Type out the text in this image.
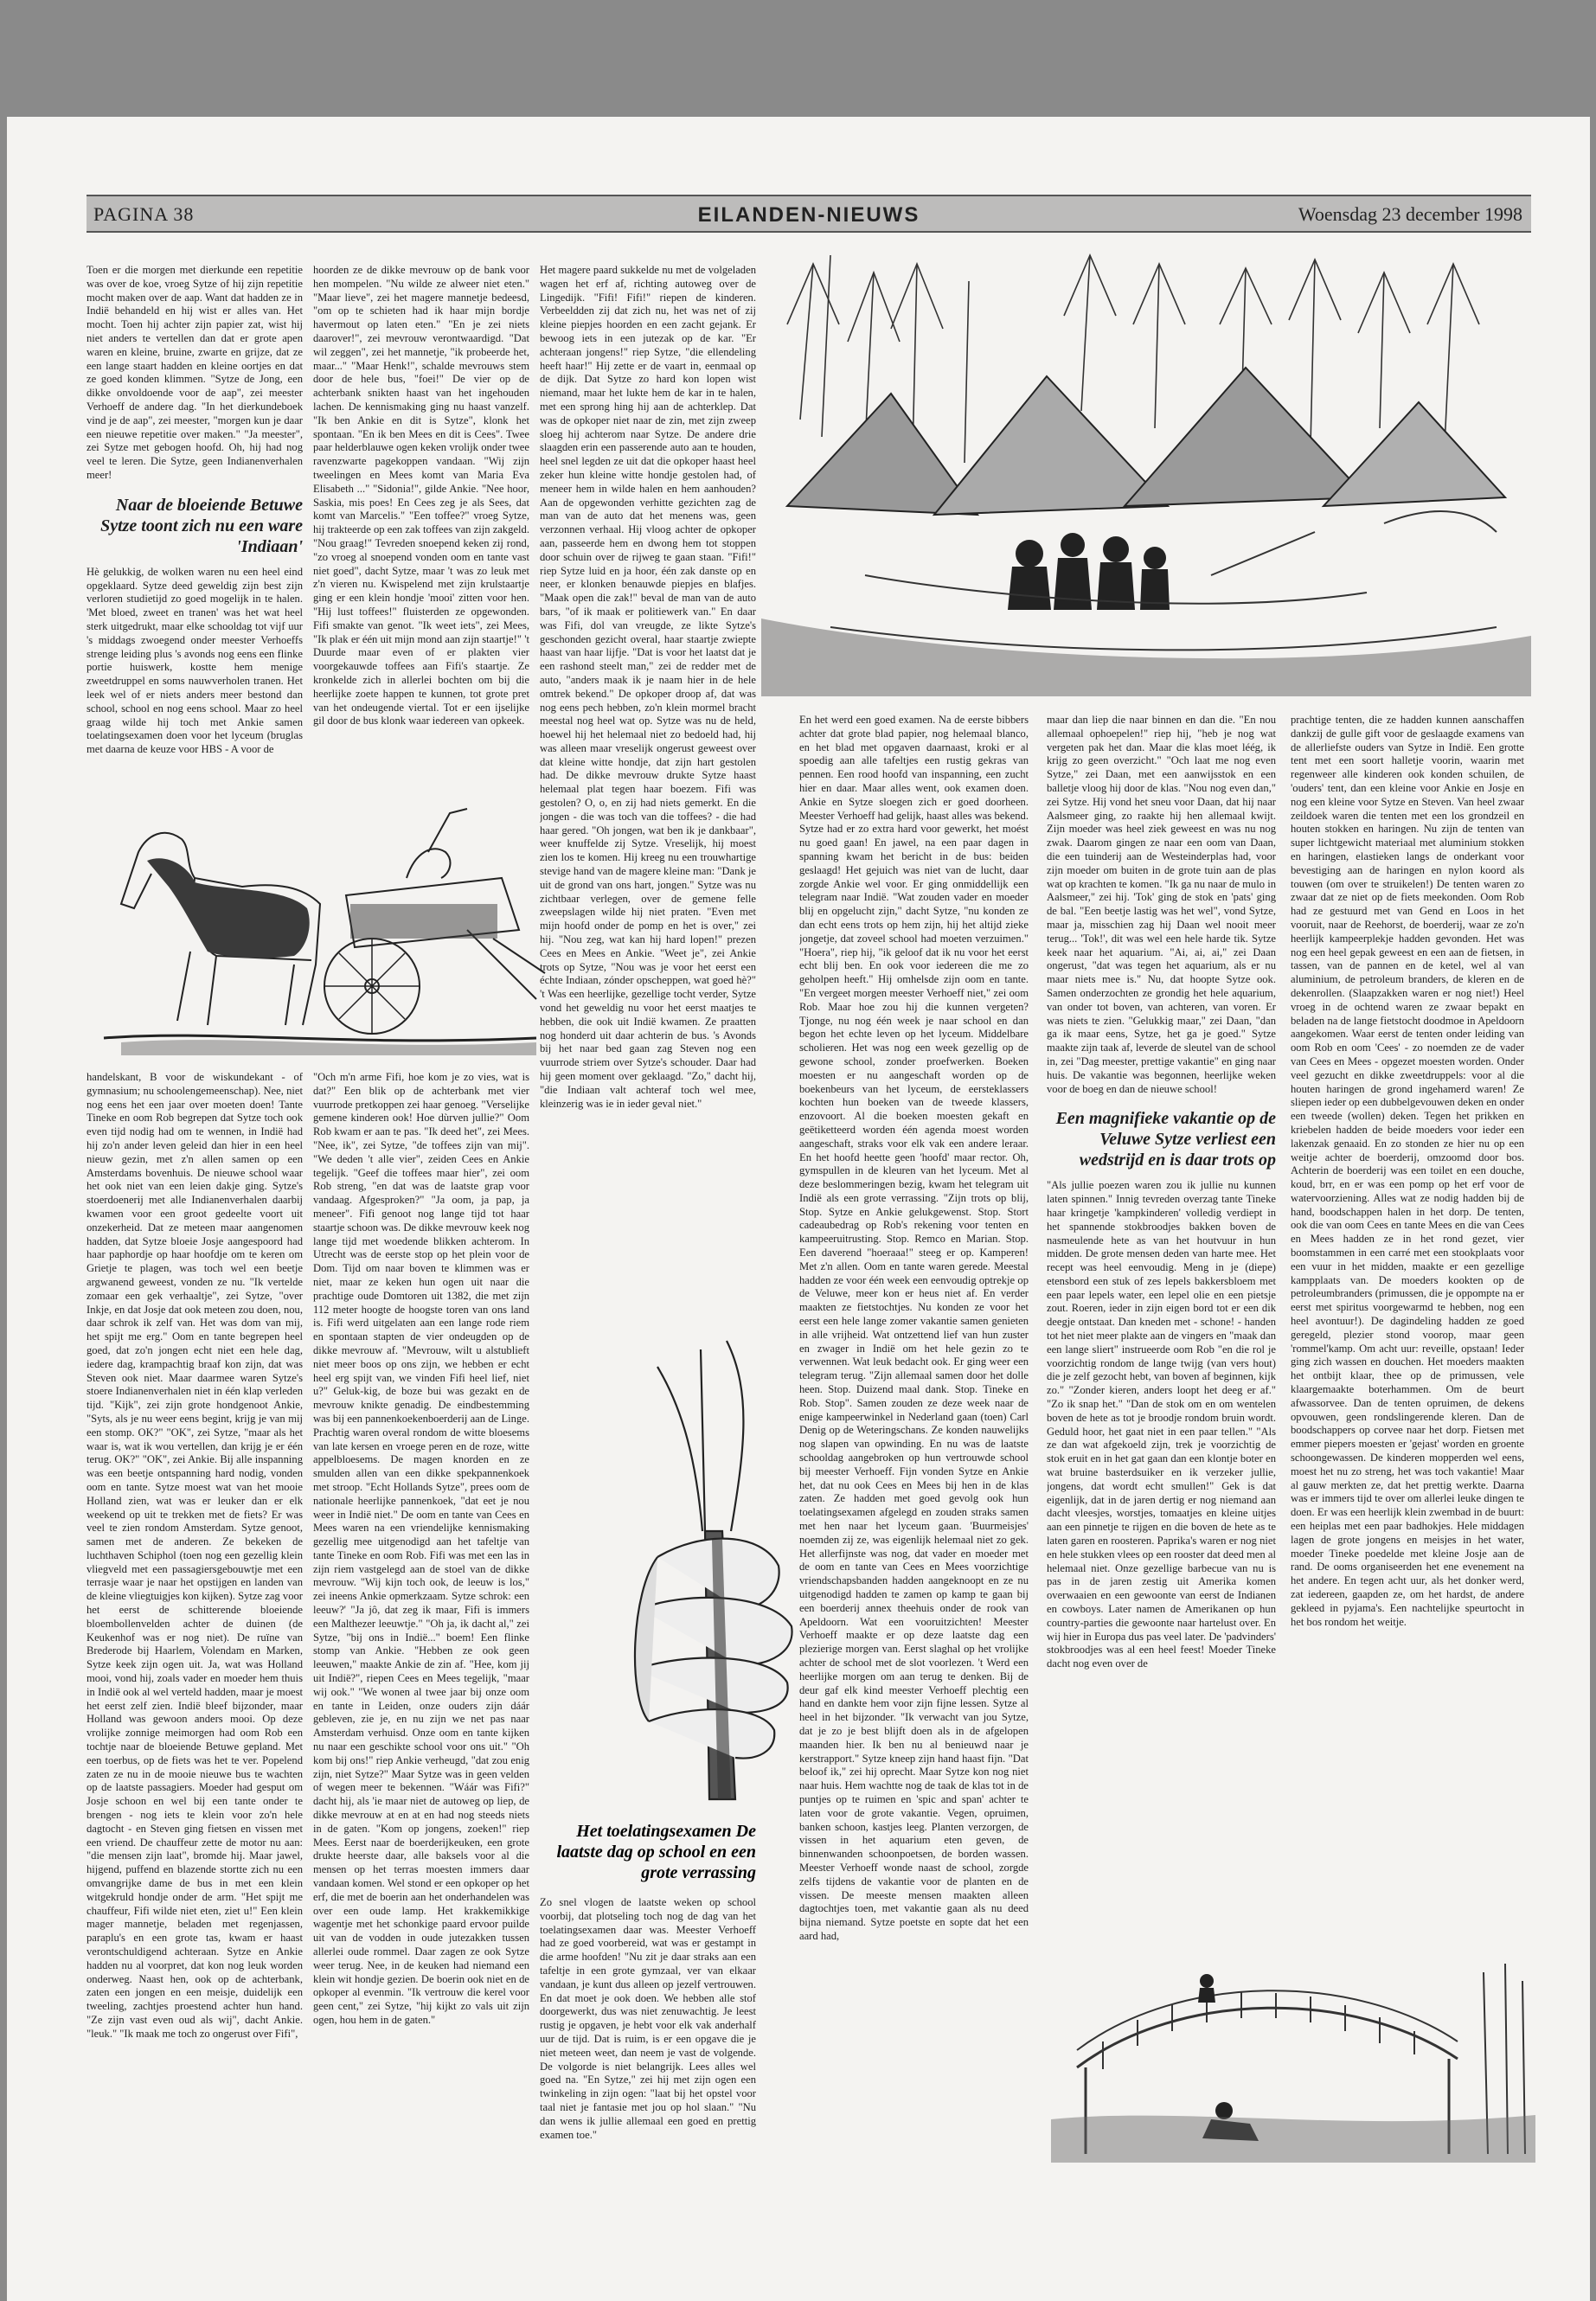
PAGINA 38	EILANDEN-NIEUWS	Woensdag 23 december 1998

Toen er die morgen met dierkunde een repetitie was over de koe, vroeg Sytze of hij zijn repetitie mocht maken over de aap. Want dat hadden ze in Indië behandeld en hij wist er alles van. Het mocht. Toen hij achter zijn papier zat, wist hij niet anders te vertellen dan dat er grote apen waren en kleine, bruine, zwarte en grijze, dat ze een lange staart hadden en kleine oortjes en dat ze goed konden klimmen. "Sytze de Jong, een dikke onvoldoende voor de aap", zei meester Verhoeff de andere dag. "In het dierkundeboek vind je de aap", zei meester, "morgen kun je daar een nieuwe repetitie over maken." "Ja meester", zei Sytze met gebogen hoofd. Oh, hij had nog veel te leren. Die Sytze, geen Indianenverhalen meer!

Naar de bloeiende Betuwe Sytze toont zich nu een ware 'Indiaan'

Hè gelukkig, de wolken waren nu een heel eind opgeklaard. Sytze deed geweldig zijn best zijn verloren studietijd zo goed mogelijk in te halen. 'Met bloed, zweet en tranen' was het wat heel sterk uitgedrukt, maar elke schooldag tot vijf uur 's middags zwoegend onder meester Verhoeffs strenge leiding plus 's avonds nog eens een flinke portie huiswerk, kostte hem menige zweetdruppel en soms nauwverholen tranen. Het leek wel of er niets anders meer bestond dan school, school en nog eens school. Maar zo heel graag wilde hij toch met Ankie samen toelatingsexamen doen voor het lyceum (bruglas met daarna de keuze voor HBS - A voor de

hoorden ze de dikke mevrouw op de bank voor hen mompelen. "Nu wilde ze alweer niet eten." "Maar lieve", zei het magere mannetje bedeesd, "om op te schieten had ik haar mijn bordje havermout op laten eten." "En je zei niets daarover!", zei mevrouw verontwaardigd. "Dat wil zeggen", zei het mannetje, "ik probeerde het, maar..." "Maar Henk!", schalde mevrouws stem door de hele bus, "foei!" De vier op de achterbank snikten haast van het ingehouden lachen. De kennismaking ging nu haast vanzelf. "Ik ben Ankie en dit is Sytze", klonk het spontaan. "En ik ben Mees en dit is Cees". Twee paar helderblauwe ogen keken vrolijk onder twee ravenzwarte pagekoppen vandaan. "Wij zijn tweelingen en Mees komt van Maria Eva Elisabeth ..." "Sidonia!", gilde Ankie. "Nee hoor, Saskia, mis poes! En Cees zeg je als Sees, dat komt van Marcelis." "Een toffee?" vroeg Sytze, hij trakteerde op een zak toffees van zijn zakgeld. "Nou graag!" Tevreden snoepend keken zij rond, "zo vroeg al snoepend vonden oom en tante vast niet goed", dacht Sytze, maar 't was zo leuk met z'n vieren nu. Kwispelend met zijn krulstaartje ging er een klein hondje 'mooi' zitten voor hen. "Hij lust toffees!" fluisterden ze opgewonden. Fifi smakte van genot. "Ik weet iets", zei Mees, "Ik plak er één uit mijn mond aan zijn staartje!" 't Duurde maar even of er plakten vier voorgekauwde toffees aan Fifi's staartje. Ze kronkelde zich in allerlei bochten om bij die heerlijke zoete happen te kunnen, tot grote pret van het ondeugende viertal. Tot er een ijselijke gil door de bus klonk waar iedereen van opkeek.

handelskant, B voor de wiskundekant - of gymnasium; nu schoolengemeenschap). Nee, niet nog eens het een jaar over moeten doen! Tante Tineke en oom Rob begrepen dat Sytze toch ook even tijd nodig had om te wennen, in Indië had hij zo'n ander leven geleid dan hier in een heel nieuw gezin, met z'n allen samen op een Amsterdams bovenhuis. De nieuwe school waar het ook niet van een leien dakje ging. Sytze's stoerdoenerij met alle Indianenverhalen daarbij kwamen voor een groot gedeelte voort uit onzekerheid. Dat ze meteen maar aangenomen hadden, dat Sytze bloeie Josje aangespoord had haar paphordje op haar hoofdje om te keren om Grietje te plagen, was toch wel een beetje argwanend geweest, vonden ze nu. "Ik vertelde zomaar een gek verhaaltje", zei Sytze, "over Inkje, en dat Josje dat ook meteen zou doen, nou, daar schrok ik zelf van. Het was dom van mij, het spijt me erg." Oom en tante begrepen heel goed, dat zo'n jongen echt niet een hele dag, iedere dag, krampachtig braaf kon zijn, dat was Steven ook niet. Maar daarmee waren Sytze's stoere Indianenverhalen niet in één klap verleden tijd. "Kijk", zei zijn grote hondgenoot Ankie, "Syts, als je nu weer eens begint, krijg je van mij een stomp. OK?" "OK", zei Sytze, "maar als het waar is, wat ik wou vertellen, dan krijg je er één terug. OK?" "OK", zei Ankie. Bij alle inspanning was een beetje ontspanning hard nodig, vonden oom en tante. Sytze moest wat van het mooie Holland zien, wat was er leuker dan er elk weekend op uit te trekken met de fiets? Er was veel te zien rondom Amsterdam. Sytze genoot, samen met de anderen. Ze bekeken de luchthaven Schiphol (toen nog een gezellig klein vliegveld met een passagiersgebouwtje met een terrasje waar je naar het opstijgen en landen van de kleine vliegtuigjes kon kijken). Sytze zag voor het eerst de schitterende bloeiende bloembollenvelden achter de duinen (de Keukenhof was er nog niet). De ruïne van Brederode bij Haarlem, Volendam en Marken, Sytze keek zijn ogen uit. Ja, wat was Holland mooi, vond hij, zoals vader en moeder hem thuis in Indië ook al wel verteld hadden, maar je moest het eerst zelf zien. Indië bleef bijzonder, maar Holland was gewoon anders mooi. Op deze vrolijke zonnige meimorgen had oom Rob een tochtje naar de bloeiende Betuwe gepland. Met een toerbus, op de fiets was het te ver. Popelend zaten ze nu in de mooie nieuwe bus te wachten op de laatste passagiers. Moeder had gesput om Josje schoon en wel bij een tante onder te brengen - nog iets te klein voor zo'n hele dagtocht - en Steven ging fietsen en vissen met een vriend. De chauffeur zette de motor nu aan: "die mensen zijn laat", bromde hij. Maar jawel, hijgend, puffend en blazende stortte zich nu een omvangrijke dame de bus in met een klein witgekruld hondje onder de arm. "Het spijt me chauffeur, Fifi wilde niet eten, ziet u!" Een klein mager mannetje, beladen met regenjassen, paraplu's en een grote tas, kwam er haast verontschuldigend achteraan. Sytze en Ankie hadden nu al voorpret, dat kon nog leuk worden onderweg. Naast hen, ook op de achterbank, zaten een jongen en een meisje, duidelijk een tweeling, zachtjes proestend achter hun hand. "Ze zijn vast even oud als wij", dacht Ankie. "leuk." "Ik maak me toch zo ongerust over Fifi",

"Och m'n arme Fifi, hoe kom je zo vies, wat is dat?" Een blik op de achterbank met vier vuurrode pretkoppen zei haar genoeg. "Verselijke gemene kinderen ook! Hoe dùrven jullie?" Oom Rob kwam er aan te pas. "Ik deed het", zei Mees. "Nee, ik", zei Sytze, "de toffees zijn van mij". "We deden 't alle vier", zeiden Cees en Ankie tegelijk. "Geef die toffees maar hier", zei oom Rob streng, "en dat was de laatste grap voor vandaag. Afgesproken?" "Ja oom, ja pap, ja meneer". Fifi genoot nog lange tijd tot haar staartje schoon was. De dikke mevrouw keek nog lange tijd met woedende blikken achterom. In Utrecht was de eerste stop op het plein voor de Dom. Tijd om naar boven te klimmen was er niet, maar ze keken hun ogen uit naar die prachtige oude Domtoren uit 1382, die met zijn 112 meter hoogte de hoogste toren van ons land is. Fifi werd uitgelaten aan een lange rode riem en spontaan stapten de vier ondeugden op de dikke mevrouw af. "Mevrouw, wilt u alstublieft niet meer boos op ons zijn, we hebben er echt heel erg spijt van, we vinden Fifi heel lief, niet u?" Geluk-kig, de boze bui was gezakt en de mevrouw knikte genadig. De eindbestemming was bij een pannenkoekenboerderij aan de Linge. Prachtig waren overal rondom de witte bloesems van late kersen en vroege peren en de roze, witte appelbloesems. De magen knorden en ze smulden allen van een dikke spekpannenkoek met stroop. "Echt Hollands Sytze", prees oom de nationale heerlijke pannenkoek, "dat eet je nou weer in Indië niet." De oom en tante van Cees en Mees waren na een vriendelijke kennismaking gezellig mee uitgenodigd aan het tafeltje van tante Tineke en oom Rob. Fifi was met een las in zijn riem vastgelegd aan de stoel van de dikke mevrouw. "Wij kijn toch ook, de leeuw is los," zei ineens Ankie opmerkzaam. Sytze schrok: een leeuw?' "Ja jô, dat zeg ik maar, Fifi is immers een Malthezer leeuwtje." "Oh ja, ik dacht al," zei Sytze, "bij ons in Indië..." boem! Een flinke stomp van Ankie. "Hebben ze ook geen leeuwen," maakte Ankie de zin af. "Hee, kom jij uit Indië?", riepen Cees en Mees tegelijk, "maar wij ook." "We wonen al twee jaar bij onze oom en tante in Leiden, onze ouders zijn dáár gebleven, zie je, en nu zijn we net pas naar Amsterdam verhuisd. Onze oom en tante kijken nu naar een geschikte school voor ons uit." "Oh kom bij ons!" riep Ankie verheugd, "dat zou enig zijn, niet Sytze?" Maar Sytze was in geen velden of wegen meer te bekennen. "Wáár was Fifi?" dacht hij, als 'ie maar niet de autoweg op liep, de dikke mevrouw at en at en had nog steeds niets in de gaten. "Kom op jongens, zoeken!" riep Mees. Eerst naar de boerderijkeuken, een grote drukte heerste daar, alle baksels voor al die mensen op het terras moesten immers daar vandaan komen. Wel stond er een opkoper op het erf, die met de boerin aan het onderhandelen was over een oude lamp. Het krakkemikkige wagentje met het schonkige paard ervoor puilde uit van de vodden in oude jutezakken tussen allerlei oude rommel. Daar zagen ze ook Sytze weer terug. Nee, in de keuken had niemand een klein wit hondje gezien. De boerin ook niet en de opkoper al evenmin. "Ik vertrouw die kerel voor geen cent," zei Sytze, "hij kijkt zo vals uit zijn ogen, hou hem in de gaten."

Het magere paard sukkelde nu met de volgeladen wagen het erf af, richting autoweg over de Lingedijk. "Fifi! Fifi!" riepen de kinderen. Verbeeldden zij dat zich nu, het was net of zij kleine piepjes hoorden en een zacht gejank. Er bewoog iets in een jutezak op de kar. "Er achteraan jongens!" riep Sytze, "die ellendeling heeft haar!" Hij zette er de vaart in, eenmaal op de dijk. Dat Sytze zo hard kon lopen wist niemand, maar het lukte hem de kar in te halen, met een sprong hing hij aan de achterklep. Dat was de opkoper niet naar de zin, met zijn zweep sloeg hij achterom naar Sytze. De andere drie slaagden erin een passerende auto aan te houden, heel snel legden ze uit dat die opkoper haast heel zeker hun kleine witte hondje gestolen had, of meneer hem in wilde halen en hem aanhouden? Aan de opgewonden verhitte gezichten zag de man van de auto dat het menens was, geen verzonnen verhaal. Hij vloog achter de opkoper aan, passeerde hem en dwong hem tot stoppen door schuin over de rijweg te gaan staan. "Fifi!" riep Sytze luid en ja hoor, één zak danste op en neer, er klonken benauwde piepjes en blafjes. "Maak open die zak!" beval de man van de auto bars, "of ik maak er politiewerk van." En daar was Fifi, dol van vreugde, ze likte Sytze's geschonden gezicht overal, haar staartje zwiepte haast van haar lijfje. "Dat is voor het laatst dat je een rashond steelt man," zei de redder met de auto, "anders maak ik je naam hier in de hele omtrek bekend." De opkoper droop af, dat was nog eens pech hebben, zo'n klein mormel bracht meestal nog heel wat op. Sytze was nu de held, hoewel hij het helemaal niet zo bedoeld had, hij was alleen maar vreselijk ongerust geweest over dat kleine witte hondje, dat zijn hart gestolen had. De dikke mevrouw drukte Sytze haast helemaal plat tegen haar boezem. Fifi was gestolen? O, o, en zij had niets gemerkt. En die jongen - die was toch van die toffees? - die had haar gered. "Oh jongen, wat ben ik je dankbaar", weer knuffelde zij Sytze. Vreselijk, hij moest zien los te komen. Hij kreeg nu een trouwhartige stevige hand van de magere kleine man: "Dank je uit de grond van ons hart, jongen." Sytze was nu zichtbaar verlegen, over de gemene felle zweepslagen wilde hij niet praten. "Even met mijn hoofd onder de pomp en het is over," zei hij. "Nou zeg, wat kan hij hard lopen!" prezen Cees en Mees en Ankie. "Weet je", zei Ankie trots op Sytze, "Nou was je voor het eerst een échte Indiaan, zónder opscheppen, wat goed hè?" 't Was een heerlijke, gezellige tocht verder, Sytze vond het geweldig nu voor het eerst maatjes te hebben, die ook uit Indië kwamen. Ze praatten nog honderd uit daar achterin de bus. 's Avonds bij het naar bed gaan zag Steven nog een vuurrode striem over Sytze's schouder. Daar had hij geen moment over geklaagd. "Zo," dacht hij, "die Indiaan valt achteraf toch wel mee, kleinzerig was ie in ieder geval niet."

Het toelatingsexamen De laatste dag op school en een grote verrassing

Zo snel vlogen de laatste weken op school voorbij, dat plotseling toch nog de dag van het toelatingsexamen daar was. Meester Verhoeff had ze goed voorbereid, wat was er gestampt in die arme hoofden! "Nu zit je daar straks aan een tafeltje in een grote gymzaal, ver van elkaar vandaan, je kunt dus alleen op jezelf vertrouwen. En dat moet je ook doen. We hebben alle stof doorgewerkt, dus was niet zenuwachtig. Je leest rustig je opgaven, je hebt voor elk vak anderhalf uur de tijd. Dat is ruim, is er een opgave die je niet meteen weet, dan neem je vast de volgende. De volgorde is niet belangrijk. Lees alles wel goed na. "En Sytze," zei hij met zijn ogen een twinkeling in zijn ogen: "laat bij het opstel voor taal niet je fantasie met jou op hol slaan." "Nu dan wens ik jullie allemaal een goed en prettig examen toe."

En het werd een goed examen. Na de eerste bibbers achter dat grote blad papier, nog helemaal blanco, en het blad met opgaven daarnaast, kroki er al spoedig aan alle tafeltjes een rustig gekras van pennen. Een rood hoofd van inspanning, een zucht hier en daar. Maar alles went, ook examen doen. Ankie en Sytze sloegen zich er goed doorheen. Meester Verhoeff had gelijk, haast alles was bekend. Sytze had er zo extra hard voor gewerkt, het moést nu goed gaan! En jawel, na een paar dagen in spanning kwam het bericht in de bus: beiden geslaagd! Het gejuich was niet van de lucht, daar zorgde Ankie wel voor. Er ging onmiddellijk een telegram naar Indië. "Wat zouden vader en moeder blij en opgelucht zijn," dacht Sytze, "nu konden ze dan echt eens trots op hem zijn, hij het altijd zieke jongetje, dat zoveel school had moeten verzuimen." "Hoera", riep hij, "ik geloof dat ik nu voor het eerst echt blij ben. En ook voor iedereen die me zo geholpen heeft." Hij omhelsde zijn oom en tante. "En vergeet morgen meester Verhoeff niet," zei oom Rob. Maar hoe zou hij die kunnen vergeten? Tjonge, nu nog één week je naar school en dan begon het echte leven op het lyceum. Middelbare scholieren. Het was nog een week gezellig op de gewone school, zonder proefwerken. Boeken moesten er nu aangeschaft worden op de boekenbeurs van het lyceum, de eersteklassers kochten hun boeken van de tweede klassers, enzovoort. Al die boeken moesten gekaft en geëtiketteerd worden één agenda moest worden aangeschaft, straks voor elk vak een andere leraar. En het hoofd heette geen 'hoofd' maar rector. Oh, gymspullen in de kleuren van het lyceum. Met al deze beslommeringen bezig, kwam het telegram uit Indië als een grote verrassing. "Zijn trots op blij, Stop. Sytze en Ankie gelukgewenst. Stop. Stort cadeaubedrag op Rob's rekening voor tenten en kampeeruitrusting. Stop. Remco en Marian. Stop. Een daverend "hoeraaa!" steeg er op. Kamperen! Met z'n allen. Oom en tante waren gerede. Meestal hadden ze voor één week een eenvoudig optrekje op de Veluwe, meer kon er heus niet af. En verder maakten ze fietstochtjes. Nu konden ze voor het eerst een hele lange zomer vakantie samen genieten in alle vrijheid. Wat ontzettend lief van hun zuster en zwager in Indië om het hele gezin zo te verwennen. Wat leuk bedacht ook. Er ging weer een telegram terug. "Zijn allemaal samen door het dolle heen. Stop. Duizend maal dank. Stop. Tineke en Rob. Stop". Samen zouden ze deze week naar de enige kampeerwinkel in Nederland gaan (toen) Carl Denig op de Weteringschans. Ze konden nauwelijks nog slapen van opwinding. En nu was de laatste schooldag aangebroken op hun vertrouwde school bij meester Verhoeff. Fijn vonden Sytze en Ankie het, dat nu ook Cees en Mees bij hen in de klas zaten. Ze hadden met goed gevolg ook hun toelatingsexamen afgelegd en zouden straks samen met hen naar het lyceum gaan. 'Buurmeisjes' noemden zij ze, was eigenlijk helemaal niet zo gek. Het allerfijnste was nog, dat vader en moeder met de oom en tante van Cees en Mees voorzichtige vriendschapsbanden hadden aangeknoopt en ze nu uitgenodigd hadden te zamen op kamp te gaan bij een boerderij annex theehuis onder de rook van Apeldoorn. Wat een vooruitzichten! Meester Verhoeff maakte er op deze laatste dag een plezierige morgen van. Eerst slaghal op het vrolijke achter de school met de slot voorlezen. 't Werd een heerlijke morgen om aan terug te denken. Bij de deur gaf elk kind meester Verhoeff plechtig een hand en dankte hem voor zijn fijne lessen. Sytze al heel in het bijzonder. "Ik verwacht van jou Sytze, dat je zo je best blijft doen als in de afgelopen maanden hier. Ik ben nu al benieuwd naar je kerstrapport." Sytze kneep zijn hand haast fijn. "Dat beloof ik," zei hij oprecht. Maar Sytze kon nog niet naar huis. Hem wachtte nog de taak de klas tot in de puntjes op te ruimen en 'spic and span' achter te laten voor de grote vakantie. Vegen, opruimen, banken schoon, kastjes leeg. Planten verzorgen, de vissen in het aquarium eten geven, de binnenwanden schoonpoetsen, de borden wassen. Meester Verhoeff wonde naast de school, zorgde zelfs tijdens de vakantie voor de planten en de vissen. De meeste mensen maakten alleen dagtochtjes toen, met vakantie gaan als nu deed bijna niemand. Sytze poetste en sopte dat het een aard had,

maar dan liep die naar binnen en dan die. "En nou allemaal ophoepelen!" riep hij, "heb je nog wat vergeten pak het dan. Maar die klas moet léég, ik krijg zo geen overzicht." "Och laat me nog even Sytze," zei Daan, met een aanwijsstok en een balletje vloog hij door de klas. "Nou nog even dan," zei Sytze. Hij vond het sneu voor Daan, dat hij naar Aalsmeer ging, zo raakte hij hen allemaal kwijt. Zijn moeder was heel ziek geweest en was nu nog zwak. Daarom gingen ze naar een oom van Daan, die een tuinderij aan de Westeinderplas had, voor zijn moeder om buiten in de grote tuin aan de plas wat op krachten te komen. "Ik ga nu naar de mulo in Aalsmeer," zei hij. 'Tok' ging de stok en 'pats' ging de bal. "Een beetje lastig was het wel", vond Sytze, maar ja, misschien zag hij Daan wel nooit meer terug... 'Tok!', dit was wel een hele harde tik. Sytze keek naar het aquarium. "Ai, ai, ai," zei Daan ongerust, "dat was tegen het aquarium, als er nu maar niets mee is." Nu, dat hoopte Sytze ook. Samen onderzochten ze grondig het hele aquarium, van onder tot boven, van achteren, van voren. Er was niets te zien. "Gelukkig maar," zei Daan, "dan ga ik maar eens, Sytze, het ga je goed." Sytze maakte zijn taak af, leverde de sleutel van de school in, zei "Dag meester, prettige vakantie" en ging naar huis. De vakantie was begonnen, heerlijke weken voor de boeg en dan de nieuwe school!

Een magnifieke vakantie op de Veluwe Sytze verliest een wedstrijd en is daar trots op

"Als jullie poezen waren zou ik jullie nu kunnen laten spinnen." Innig tevreden overzag tante Tineke haar kringetje 'kampkinderen' volledig verdiept in het spannende stokbroodjes bakken boven de nasmeulende hete as van het houtvuur in hun midden. De grote mensen deden van harte mee. Het recept was heel eenvoudig. Meng in je (diepe) etensbord een stuk of zes lepels bakkersbloem met een paar lepels water, een lepel olie en een pietsje zout. Roeren, ieder in zijn eigen bord tot er een dik deegje ontstaat. Dan kneden met - schone! - handen tot het niet meer plakte aan de vingers en "maak dan een lange sliert" instrueerde oom Rob "en die rol je voorzichtig rondom de lange twijg (van vers hout) die je zelf gezocht hebt, van boven af beginnen, kijk zo." "Zonder kieren, anders loopt het deeg er af." "Zo ik snap het." "Dan de stok om en om wentelen boven de hete as tot je broodje rondom bruin wordt. Geduld hoor, het gaat niet in een paar tellen." "Als ze dan wat afgekoeld zijn, trek je voorzichtig de stok eruit en in het gat gaan dan een klontje boter en wat bruine basterdsuiker en ik verzeker jullie, jongens, dat wordt echt smullen!" Gek is dat eigenlijk, dat in de jaren dertig er nog niemand aan dacht vleesjes, worstjes, tomaatjes en kleine uitjes aan een pinnetje te rijgen en die boven de hete as te laten garen en roosteren. Paprika's waren er nog niet en hele stukken vlees op een rooster dat deed men al helemaal niet. Onze gezellige barbecue van nu is pas in de jaren zestig uit Amerika komen overwaaien en een gewoonte van eerst de Indianen en cowboys. Later namen de Amerikanen op hun country-parties die gewoonte naar hartelust over. En wij hier in Europa dus pas veel later. De 'padvinders' stokbroodjes was al een heel feest! Moeder Tineke dacht nog even over de

prachtige tenten, die ze hadden kunnen aanschaffen dankzij de gulle gift voor de geslaagde examens van de allerliefste ouders van Sytze in Indië. Een grotte tent met een soort halletje voorin, waarin met regenweer alle kinderen ook konden schuilen, de 'ouders' tent, dan een kleine voor Ankie en Josje en nog een kleine voor Sytze en Steven. Van heel zwaar zeildoek waren die tenten met een los grondzeil en houten stokken en haringen. Nu zijn de tenten van super lichtgewicht materiaal met aluminium stokken en haringen, elastieken langs de onderkant voor bevestiging aan de haringen en nylon koord als touwen (om over te struikelen!) De tenten waren zo zwaar dat ze niet op de fiets meekonden. Oom Rob had ze gestuurd met van Gend en Loos in het vooruit, naar de Reehorst, de boerderij, waar ze zo'n heerlijk kampeerplekje hadden gevonden. Het was nog een heel gepak geweest en een aan de fietsen, in tassen, van de pannen en de ketel, wel al van aluminium, de petroleum branders, de kleren en de dekenrollen. (Slaapzakken waren er nog niet!) Heel vroeg in de ochtend waren ze zwaar bepakt en beladen na de lange fietstocht doodmoe in Apeldoorn aangekomen. Waar eerst de tenten onder leiding van oom Rob en oom 'Cees' - zo noemden ze de vader van Cees en Mees - opgezet moesten worden. Onder veel gezucht en dikke zweetdruppels: voor al die houten haringen de grond ingehamerd waren! Ze sliepen ieder op een dubbelgevouwen deken en onder een tweede (wollen) deken. Tegen het prikken en kriebelen hadden de beide moeders voor ieder een lakenzak genaaid. En zo stonden ze hier nu op een weitje achter de boerderij, omzoomd door bos. Achterin de boerderij was een toilet en een douche, koud, brr, en er was een pomp op het erf voor de watervoorziening. Alles wat ze nodig hadden bij de hand, boodschappen halen in het dorp. De tenten, ook die van oom Cees en tante Mees en die van Cees en Mees hadden ze in het rond gezet, vier boomstammen in een carré met een stookplaats voor een vuur in het midden, maakte er een gezellige kampplaats van. De moeders kookten op de petroleumbranders (primussen, die je oppompte na er eerst met spiritus voorgewarmd te hebben, nog een heel avontuur!). De dagindeling hadden ze goed geregeld, plezier stond voorop, maar geen 'rommel'kamp. Om acht uur: reveille, opstaan! Ieder ging zich wassen en douchen. Het moeders maakten het ontbijt klaar, thee op de primussen, vele klaargemaakte boterhammen. Om de beurt afwassorvee. Dan de tenten opruimen, de dekens opvouwen, geen rondslingerende kleren. Dan de boodschappers op corvee naar het dorp. Fietsen met emmer piepers moesten er 'gejast' worden en groente schoongewassen. De kinderen mopperden wel eens, moest het nu zo streng, het was toch vakantie! Maar al gauw merkten ze, dat het prettig werkte. Daarna was er immers tijd te over om allerlei leuke dingen te doen. Er was een heerlijk klein zwembad in de buurt: een heiplas met een paar badhokjes. Hele middagen lagen de grote jongens en meisjes in het water, moeder Tineke poedelde met kleine Josje aan de rand. De ooms organiseerden het ene evenement na het andere. En tegen acht uur, als het donker werd, zat iedereen, gaapden ze, om het hardst, de andere gekleed in pyjama's. Een nachtelijke speurtocht in het bos rondom het weitje.
